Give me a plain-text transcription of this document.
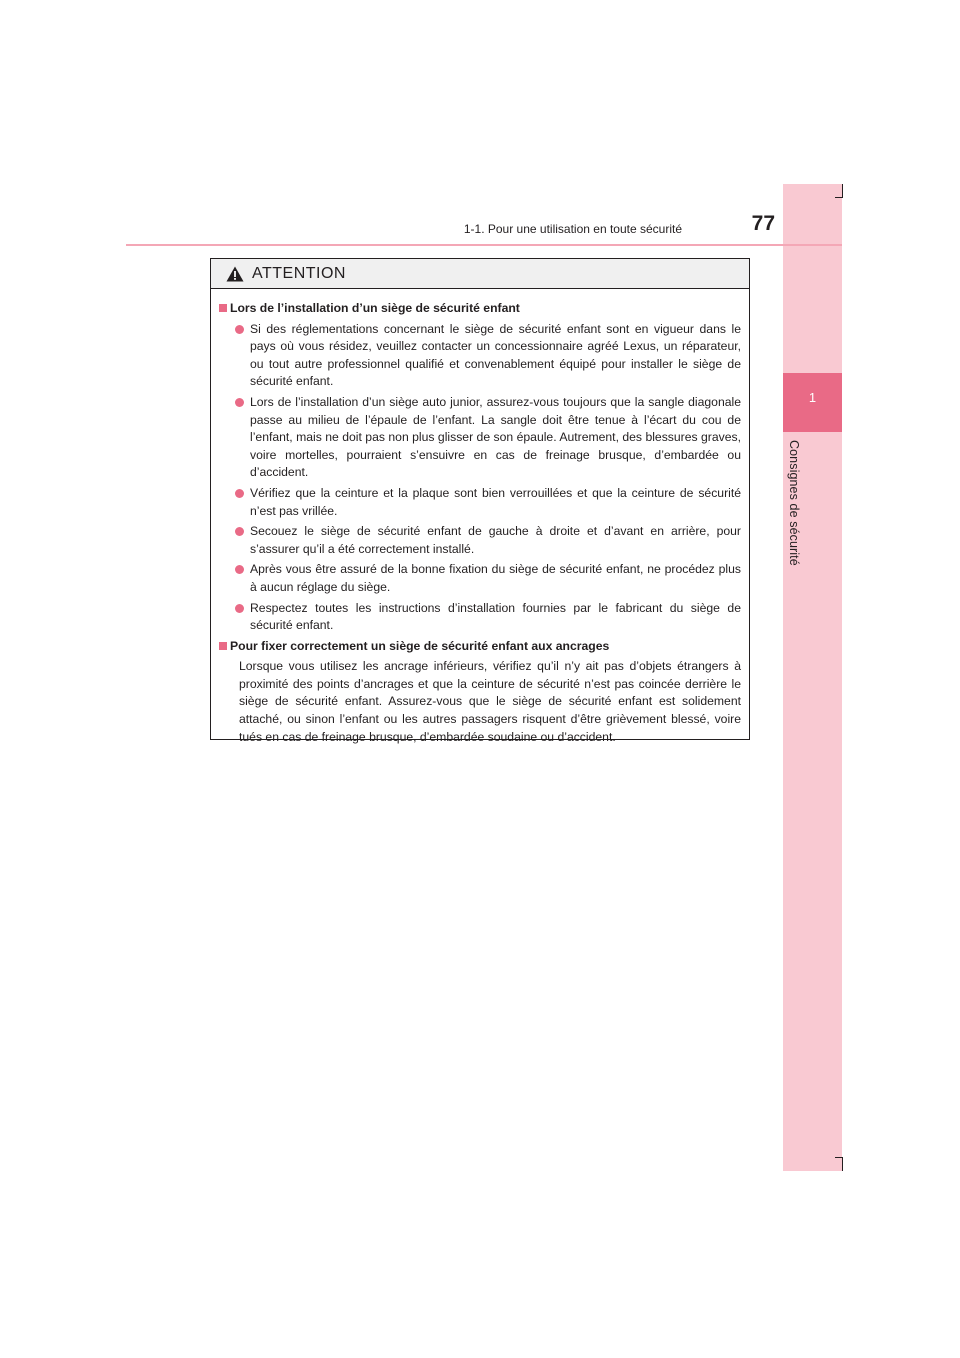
1
Consignes de sécurité
1-1. Pour une utilisation en toute sécurité	77
ATTENTION
Lors de l’installation d’un siège de sécurité enfant
Si des réglementations concernant le siège de sécurité enfant sont en vigueur dans le pays où vous résidez, veuillez contacter un concessionnaire agréé Lexus, un réparateur, ou tout autre professionnel qualifié et convenablement équipé pour installer le siège de sécurité enfant.
Lors de l’installation d’un siège auto junior, assurez-vous toujours que la sangle diagonale passe au milieu de l’épaule de l’enfant. La sangle doit être tenue à l’écart du cou de l’enfant, mais ne doit pas non plus glisser de son épaule. Autrement, des blessures graves, voire mortelles, pourraient s’ensuivre en cas de freinage brusque, d’embardée ou d’accident.
Vérifiez que la ceinture et la plaque sont bien verrouillées et que la ceinture de sécurité n’est pas vrillée.
Secouez le siège de sécurité enfant de gauche à droite et d’avant en arrière, pour s’assurer qu’il a été correctement installé.
Après vous être assuré de la bonne fixation du siège de sécurité enfant, ne procédez plus à aucun réglage du siège.
Respectez toutes les instructions d’installation fournies par le fabricant du siège de sécurité enfant.
Pour fixer correctement un siège de sécurité enfant aux ancrages
Lorsque vous utilisez les ancrage inférieurs, vérifiez qu’il n’y ait pas d’objets étrangers à proximité des points d’ancrages et que la ceinture de sécurité n’est pas coincée derrière le siège de sécurité enfant. Assurez-vous que le siège de sécurité enfant est solidement attaché, ou sinon l’enfant ou les autres passagers risquent d’être grièvement blessé, voire tués en cas de freinage brusque, d’embardée soudaine ou d’accident.
